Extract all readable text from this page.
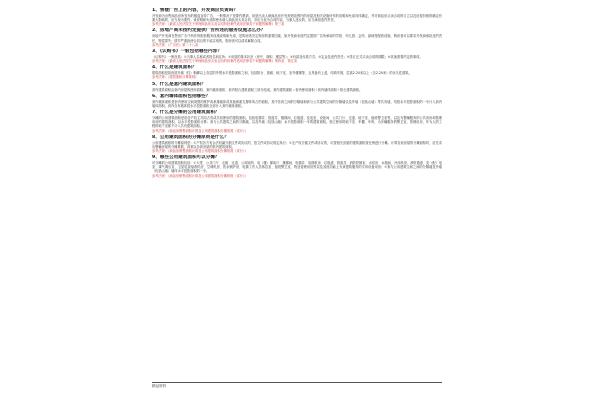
1、售楼广告上的内容，开发商应负责吗？
开发商为出售商品房所发布的楼盘宣传广告，一般情况下是要约邀请，但是出卖人就商品房开发规划范围内的房屋及相关设施所作的说明和允诺具体确定，并对商品房买卖合同的订立以及房屋价格的确定有重大影响的，应当视为要约。该说明和允诺即使未载入商品房买卖合同，亦应当视为合同内容，当事人违反的，应当承担违约责任。
参考法规：《最高人民法院关于审理商品房买卖合同纠纷案件适用法律若干问题的解释》第三条
2、房地产商未按约定提供广告所述的服务设施怎么办？
房地产开发商在售房广告中所作的配套服务设施说明和允诺，是购房者决定购房的重要因素，如开发商未按约定提供广告所承诺的学校、幼儿园、会所、绿地等配套设施，购房者可以要求开发商承担违约责任，赔偿损失；情节严重致使合同目的不能实现的，购房者可以请求解除合同。
参考法规：《广告法》第二十八条
3、《认购书》一般包括哪些内容？
《认购书》一般包括：①当事人名称或者姓名和住所；②房屋的基本状况（房号、面积、楼层等）；③价款及付款方式；④定金及违约责任；⑤签订正式买卖合同的期限；⑥其他需要约定的事项。
参考法规：《最高人民法院关于审理商品房买卖合同纠纷案件适用法律若干问题的解释》第四条、第五条
4、什么是建筑面积？
建筑面积是指房屋外墙（柱）勒脚以上各层的外围水平投影面积之和，包括阳台、挑廊、地下室、室外楼梯等，且具备有上盖，结构牢固，层高2.20米以上（含2.20米）的永久性建筑。
参考法规：《建筑面积计算规则》
5、什么是套内建筑面积？
套内建筑面积由套内房屋的使用面积、套内墙体面积、套内阳台建筑面积三部分组成。套内建筑面积＝套内使用面积＋套内墙体面积＋阳台建筑面积。
6、套内墙体面积包括哪些？
套内墙体面积是套内使用空间周围的维护或承重墙体或其他承重支撑体所占的面积，其中各套之间的分隔墙和套与公共建筑空间的分隔墙以及外墙（包括山墙）等共有墙，均按水平投影面积的一半计入套内墙体面积。套内自有墙体按水平投影面积全部计入套内墙体面积。
7、什么是分摊的公用建筑面积？
分摊的公用建筑面积是指各产权主共同占有或共同使用的建筑面积。包括电梯井、管道井、楼梯间、垃圾道、变电室、设备间、公共门厅、过道、地下室、值班警卫室等，以及为整幢服务的公共用房和管理用房的建筑面积，以水平投影面积计算；套与公共建筑之间的分隔墙，以及外墙（包括山墙）水平投影面积一半的建筑面积。独立使用的地下室、车棚、车库，为多幢服务的警卫室、管理用房，作为人防工程的地下室都不计入共有建筑面积。
参考法规：《商品房销售面积计算及公用建筑面积分摊规则（试行）》
8、公用建筑面积的分摊原则是什么？
公用建筑面积的分摊原则是：①产权各方有合法权属分割文件或协议的，按文件或协议规定执行；②无产权分割文件或协议的，可按相关房屋的建筑面积按比例进行分摊。计算各套房屋的分摊面积时，应先求出整幢房屋的分摊系数，再乘以各套房屋的套内建筑面积。
参考法规：《商品房销售面积计算及公用建筑面积分摊规则（试行）》
9、哪些公用建筑面积可以分摊？
可分摊的公用建筑面积包括：①大堂、公共门厅、走廊、过道、公用厕所、电（楼）梯前厅、楼梯间、电梯井、电梯机房、垃圾道、管道井、消防控制室、水泵房、水箱间、冷冻机房、消防通道、变（配）电室、煤气调压室、卫星电视接收机房、空调机房、热水锅炉房、电梯工作人员休息室、值班警卫室、物业管理用房等以及其他功能上为该建筑服务的专用设备用房；②套与公用建筑空间之间的分隔墙及外墙（包括山墙）墙体水平投影面积的一半。
参考法规：《商品房销售面积计算及公用建筑面积分摊规则（试行）》
精品资料
